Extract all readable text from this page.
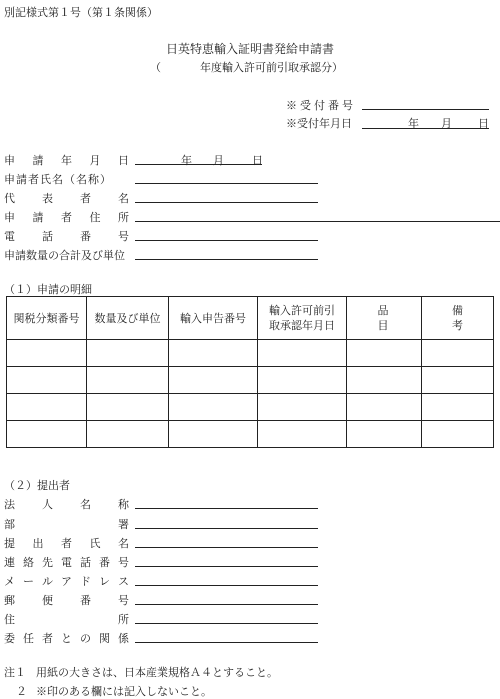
別記様式第１号（第１条関係）
日英特恵輸入証明書発給申請書
（	年度輸入許可前引取承認分）
※受付番号
※受付年月日	年 月 日
申 請 年 月 日	年 月	日
申請者氏名（名称）
代 表 者 名
申 請 者 住 所
電 話 番 号
申請数量の合計及び単位
（１）申請の明細
関税分類番号	数量及び単位	輸入申告番号	輸入許可前引取承認年月日	品目	備考

（２）提出者
法 人 名 称
部	署
提 出 者 氏 名
連 絡 先 電 話 番 号
メ ー ル ア ド レ ス
郵 便 番 号
住	所
委 任 者 と の 関 係
注１ 用紙の大きさは、日本産業規格Ａ４とすること。
２ ※印のある欄には記入しないこと。
